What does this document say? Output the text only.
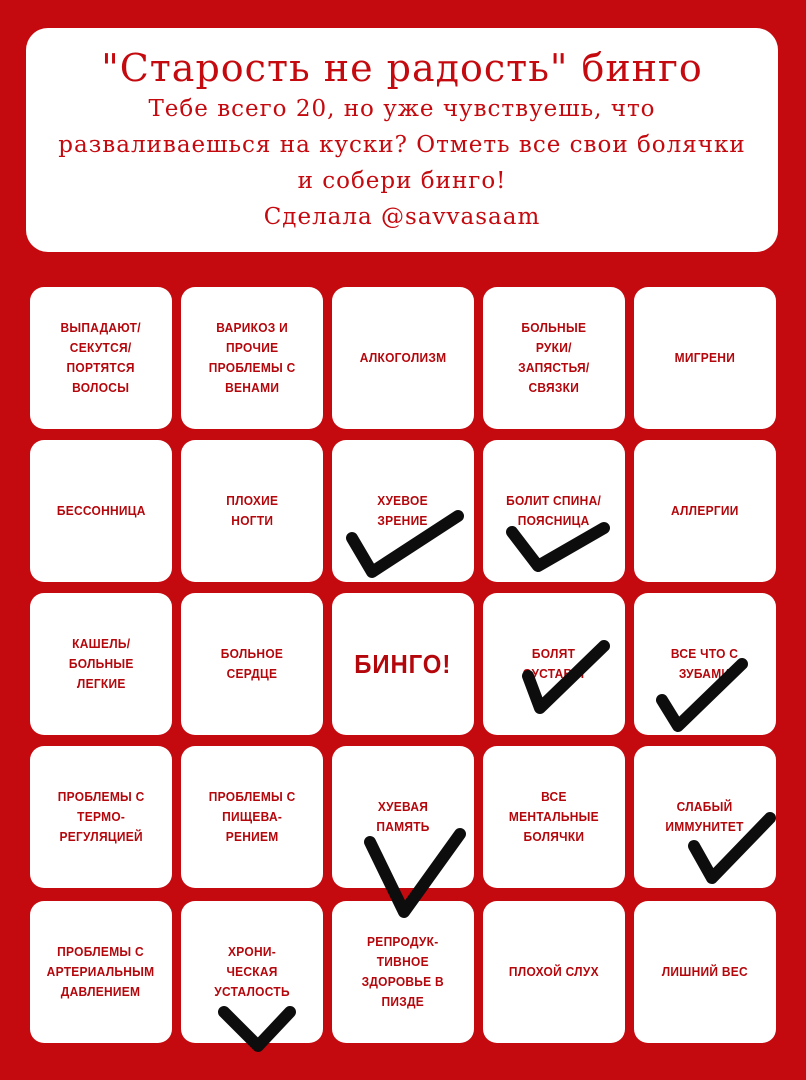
"Старость не радость" бинго
Тебе всего 20, но уже чувствуешь, что разваливаешься на куски? Отметь все свои болячки и собери бинго!
Сделала @savvasaam
ВЫПАДАЮТ/
СЕКУТСЯ/
ПОРТЯТСЯ
ВОЛОСЫ
ВАРИКОЗ И
ПРОЧИЕ
ПРОБЛЕМЫ С
ВЕНАМИ
АЛКОГОЛИЗМ
БОЛЬНЫЕ
РУКИ/
ЗАПЯСТЬЯ/
СВЯЗКИ
МИГРЕНИ
БЕССОННИЦА
ПЛОХИЕ
НОГТИ
ХУЕВОЕ
ЗРЕНИЕ
БОЛИТ СПИНА/
ПОЯСНИЦА
АЛЛЕРГИИ
КАШЕЛЬ/
БОЛЬНЫЕ
ЛЕГКИЕ
БОЛЬНОЕ
СЕРДЦЕ	БИНГО!	БОЛЯТ
СУСТАВЫ
ВСЕ ЧТО С
ЗУБАМИ
ПРОБЛЕМЫ С
ТЕРМО-
РЕГУЛЯЦИЕЙ
ПРОБЛЕМЫ С
ПИЩЕВА-
РЕНИЕМ
ХУЕВАЯ
ПАМЯТЬ
ВСЕ
МЕНТАЛЬНЫЕ
БОЛЯЧКИ
СЛАБЫЙ
ИММУНИТЕТ
ПРОБЛЕМЫ С
АРТЕРИАЛЬНЫМ
ДАВЛЕНИЕМ
ХРОНИ-
ЧЕСКАЯ
УСТАЛОСТЬ
РЕПРОДУК-
ТИВНОЕ
ЗДОРОВЬЕ В
ПИЗДЕ
ПЛОХОЙ СЛУХ	ЛИШНИЙ ВЕС
